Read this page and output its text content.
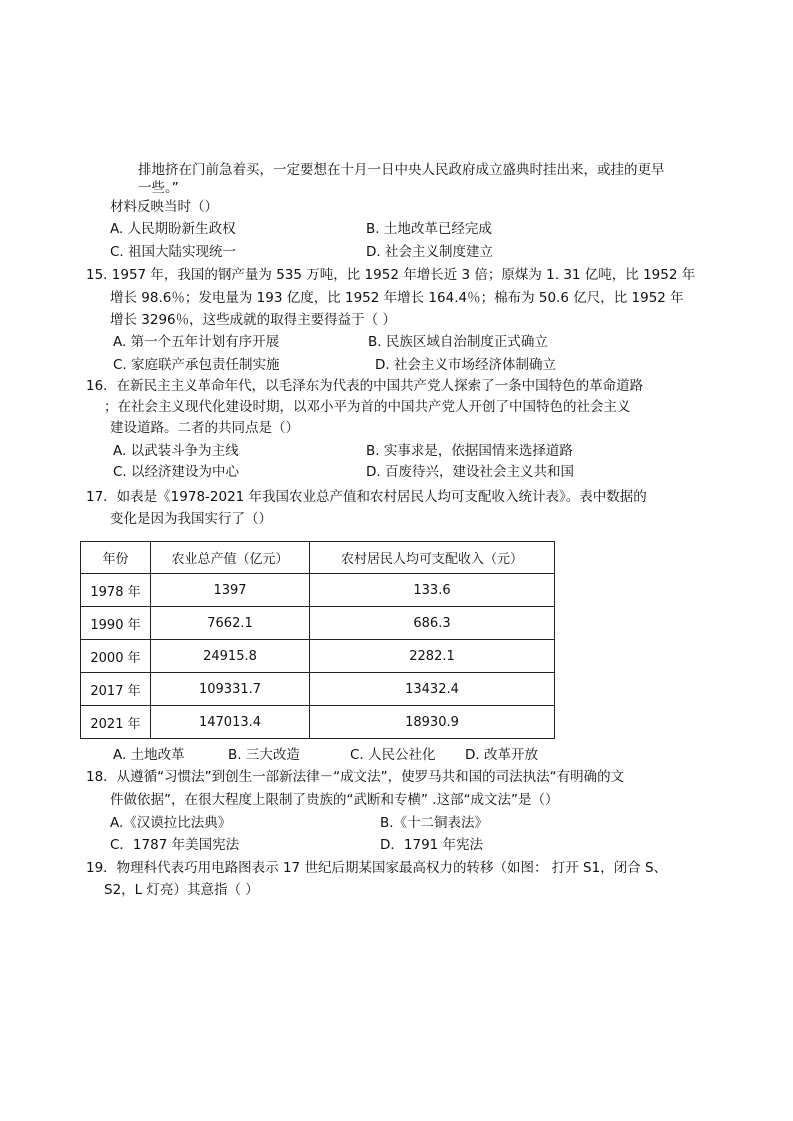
排地挤在门前急着买，一定要想在十月一日中央人民政府成立盛典时挂出来，或挂的更早
一些。”
材料反映当时（）
A. 人民期盼新生政权	B. 土地改革已经完成
C. 祖国大陆实现统一	D. 社会主义制度建立
15. 1957 年，我国的钢产量为 535 万吨，比 1952 年增长近 3 倍；原煤为 1. 31 亿吨，比 1952 年
增长 98.6％；发电量为 193 亿度，比 1952 年增长 164.4％；棉布为 50.6 亿尺，比 1952 年
增长 3296％，这些成就的取得主要得益于（ ）
A. 第一个五年计划有序开展	B. 民族区域自治制度正式确立
C. 家庭联产承包责任制实施	D. 社会主义市场经济体制确立
16．在新民主主义革命年代，以毛泽东为代表的中国共产党人探索了一条中国特色的革命道路
；在社会主义现代化建设时期，以邓小平为首的中国共产党人开创了中国特色的社会主义
建设道路。二者的共同点是（）
A. 以武装斗争为主线	B. 实事求是，依据国情来选择道路
C. 以经济建设为中心	D. 百废待兴，建设社会主义共和国
17．如表是《1978-2021 年我国农业总产值和农村居民人均可支配收入统计表》。表中数据的
变化是因为我国实行了（）
年份	农业总产值（亿元）	农村居民人均可支配收入（元）
1978 年	1397	133.6
1990 年	7662.1	686.3
2000 年	24915.8	2282.1
2017 年	109331.7	13432.4
2021 年	147013.4	18930.9
A. 土地改革	B. 三大改造	C. 人民公社化 D. 改革开放
18．从遵循“习惯法”到创生一部新法律－“成文法”，使罗马共和国的司法执法“有明确的文
件做依据”，在很大程度上限制了贵族的“武断和专横” .这部“成文法”是（）
A.《汉谟拉比法典》	B.《十二铜表法》
C．1787 年美国宪法	D．1791 年宪法
19．物理科代表巧用电路图表示 17 世纪后期某国家最高权力的转移（如图： 打开 S1，闭合 S、
S2，L 灯亮）其意指（ ）
